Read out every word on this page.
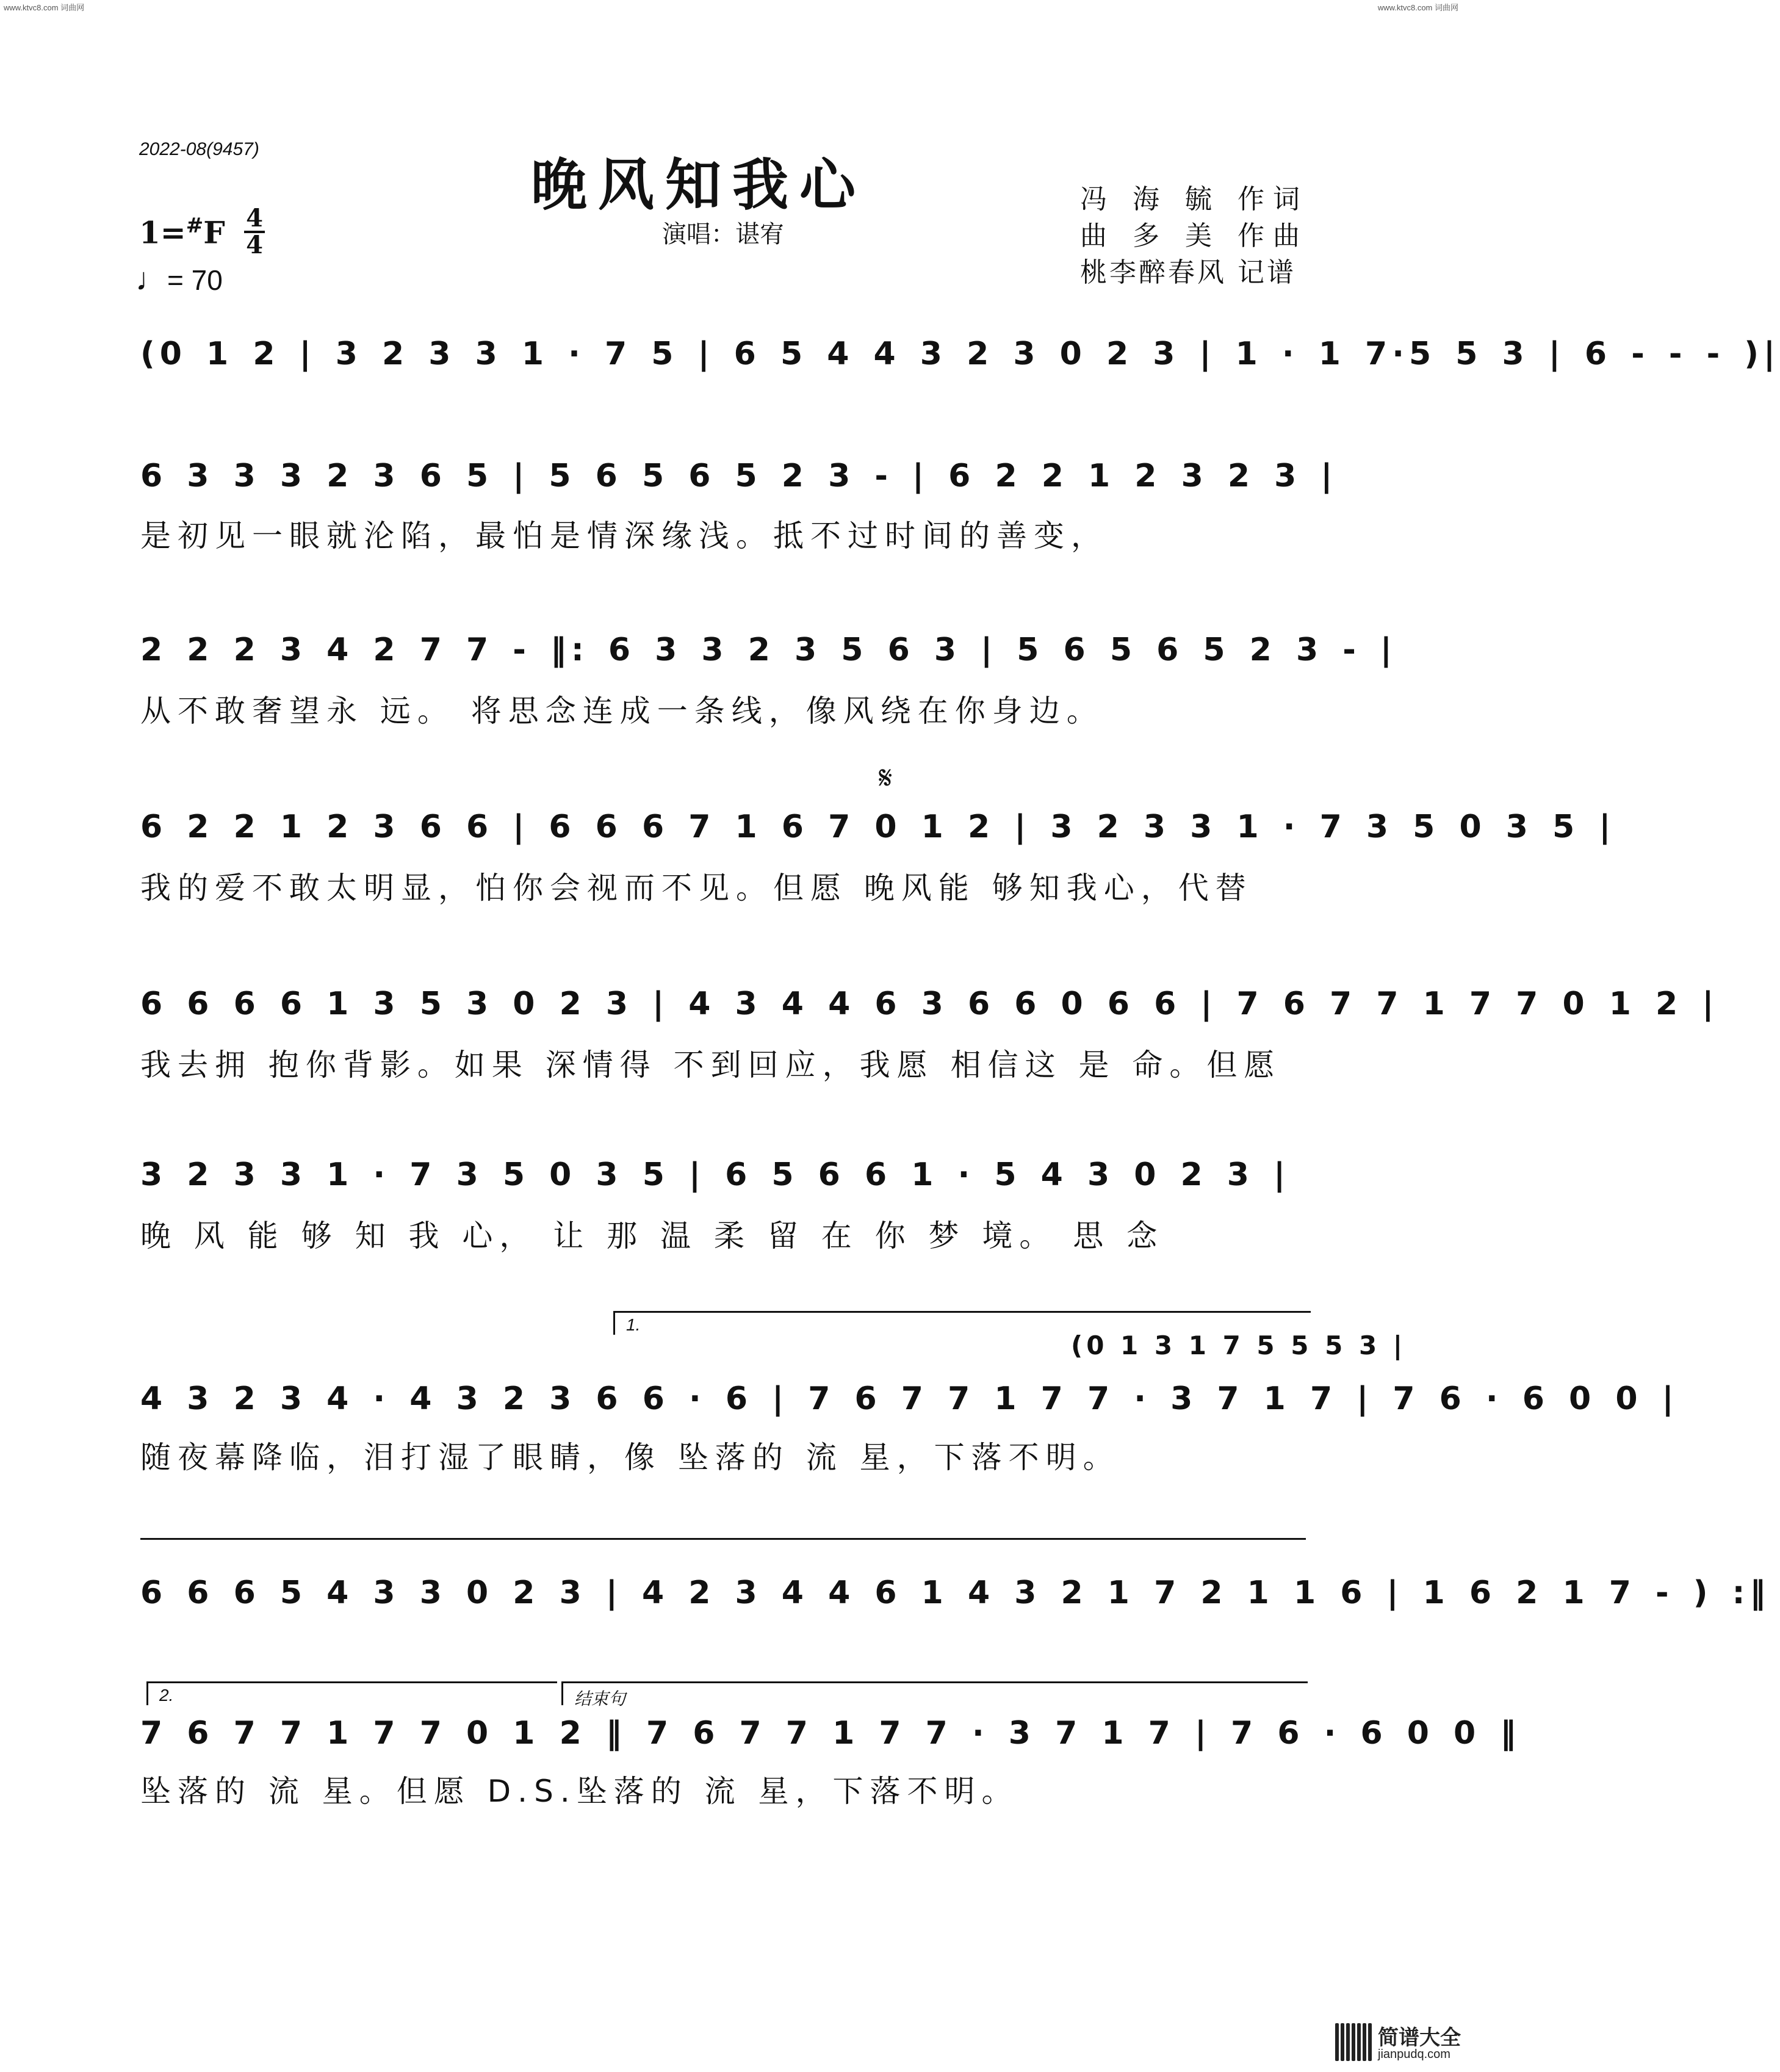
www.ktvc8.com 词曲网	www.ktvc8.com 词曲网
2022-08(9457)
晚风知我心
演唱：谌宥
冯 海 毓 作词
曲 多 美 作曲
桃李醉春风 记谱
1=#F 4
4
♩= 70
(0 1 2 | 3 2 3 3 1 · 7 5 | 6 5 4 4 3 2 3 0 2 3 | 1 · 1 7·5 5 3 | 6 - - - )|
6 3 3 3 2 3 6 5 | 5 6 5 6 5 2 3 - | 6 2 2 1 2 3 2 3 |
是初见一眼就沦陷，最怕是情深缘浅。抵不过时间的善变，
2 2 2 3 4 2 7 7 - ‖: 6 3 3 2 3 5 6 3 | 5 6 5 6 5 2 3 - |
从不敢奢望永 远。 将思念连成一条线，像风绕在你身边。
𝄋
6 2 2 1 2 3 6 6 | 6 6 6 7 1 6 7 0 1 2 | 3 2 3 3 1 · 7 3 5 0 3 5 |
我的爱不敢太明显，怕你会视而不见。但愿 晚风能 够知我心，代替
6 6 6 6 1 3 5 3 0 2 3 | 4 3 4 4 6 3 6 6 0 6 6 | 7 6 7 7 1 7 7 0 1 2 |
我去拥 抱你背影。如果 深情得 不到回应，我愿 相信这 是 命。但愿
3 2 3 3 1 · 7 3 5 0 3 5 | 6 5 6 6 1 · 5 4 3 0 2 3 |
晚 风 能 够 知 我 心， 让 那 温 柔 留 在 你 梦 境。 思 念
1.
(0 1 3 1 7 5 5 5 3 |
4 3 2 3 4 · 4 3 2 3 6 6 · 6 | 7 6 7 7 1 7 7 · 3 7 1 7 | 7 6 · 6 0 0 |
随夜幕降临，泪打湿了眼睛，像 坠落的 流 星，下落不明。
6 6 6 5 4 3 3 0 2 3 | 4 2 3 4 4 6 1 4 3 2 1 7 2 1 1 6 | 1 6 2 1 7 - ) :‖
2.	结束句
7 6 7 7 1 7 7 0 1 2 ‖ 7 6 7 7 1 7 7 · 3 7 1 7 | 7 6 · 6 0 0 ‖
坠落的 流 星。但愿 D.S.坠落的 流 星，下落不明。
简谱大全
jianpudq.com
